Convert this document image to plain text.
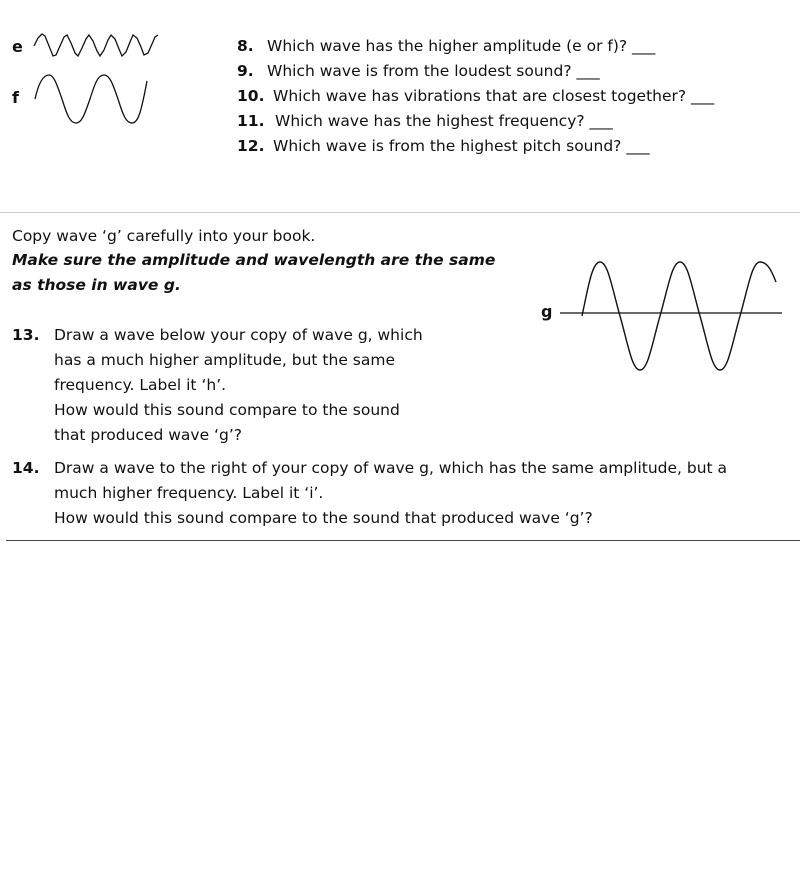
e
f
8. Which wave has the higher amplitude (e or f)? ___
9. Which wave is from the loudest sound? ___
10. Which wave has vibrations that are closest together? ___
11. Which wave has the highest frequency? ___
12. Which wave is from the highest pitch sound? ___
Copy wave ‘g’ carefully into your book.
Make sure the amplitude and wavelength are the same
as those in wave g.
g
13. Draw a wave below your copy of wave g, which
has a much higher amplitude, but the same
frequency. Label it ‘h’.
How would this sound compare to the sound
that produced wave ‘g’?
14. Draw a wave to the right of your copy of wave g, which has the same amplitude, but a
much higher frequency. Label it ‘i’.
How would this sound compare to the sound that produced wave ‘g’?
